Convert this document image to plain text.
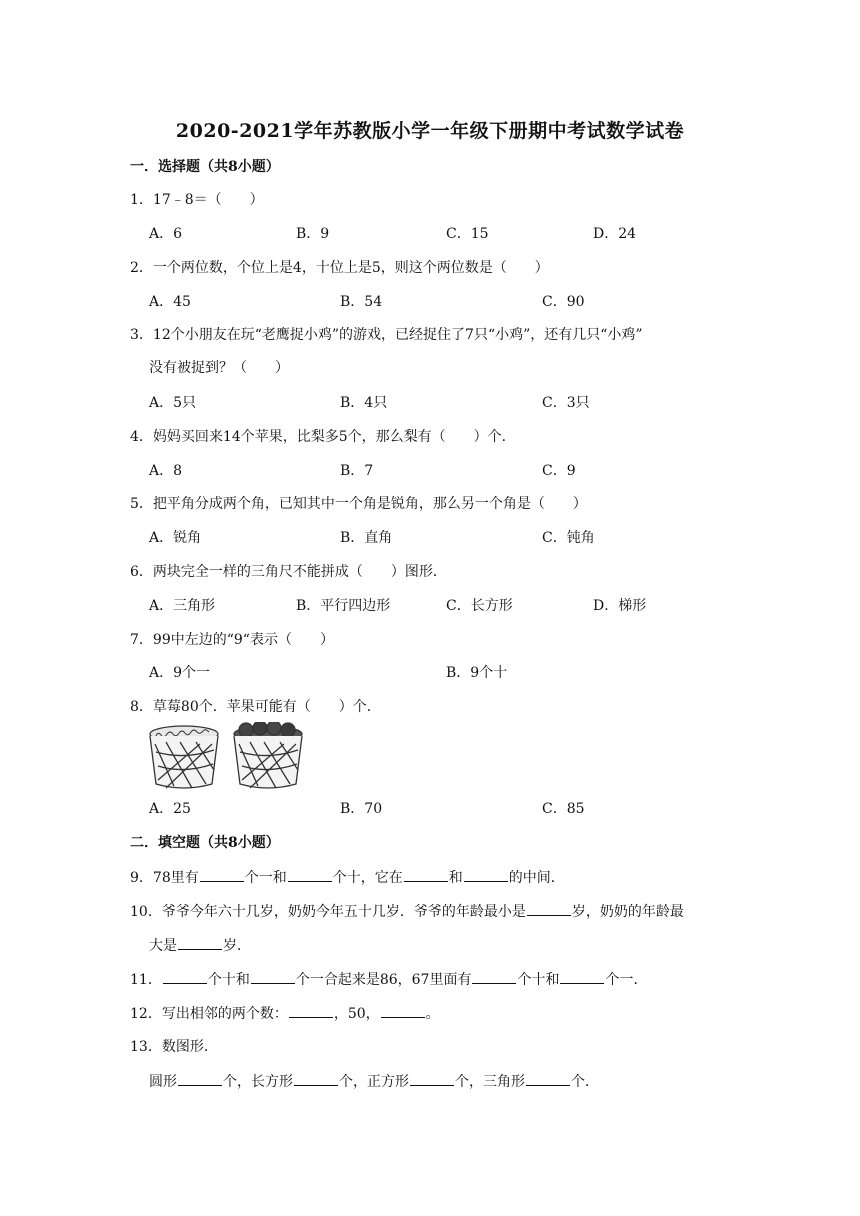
2020-2021学年苏教版小学一年级下册期中考试数学试卷
一．选择题（共8小题）
1．17﹣8＝（　　）
A．6	B．9	C．15	D．24
2．一个两位数，个位上是4，十位上是5，则这个两位数是（　　）
A．45	B．54	C．90
3．12个小朋友在玩“老鹰捉小鸡”的游戏，已经捉住了7只“小鸡”，还有几只“小鸡”
没有被捉到？（　　）
A．5只	B．4只	C．3只
4．妈妈买回来14个苹果，比梨多5个，那么梨有（　　）个．
A．8	B．7	C．9
5．把平角分成两个角，已知其中一个角是锐角，那么另一个角是（　　）
A．锐角	B．直角	C．钝角
6．两块完全一样的三角尺不能拼成（　　）图形．
A．三角形	B．平行四边形	C．长方形	D．梯形
7．99中左边的“9“表示（　　）
A．9个一	B．9个十
8．草莓80个．苹果可能有（　　）个．
A．25	B．70	C．85
二．填空题（共8小题）
9．78里有	个一和	个十，它在	和	的中间．
10．爷爷今年六十几岁，奶奶今年五十几岁．爷爷的年龄最小是	岁，奶奶的年龄最
大是	岁．
11．	个十和	个一合起来是86，67里面有	个十和	个一．
12．写出相邻的两个数：	，50，	。
13．数图形．
圆形	个，长方形	个，正方形	个，三角形	个．
